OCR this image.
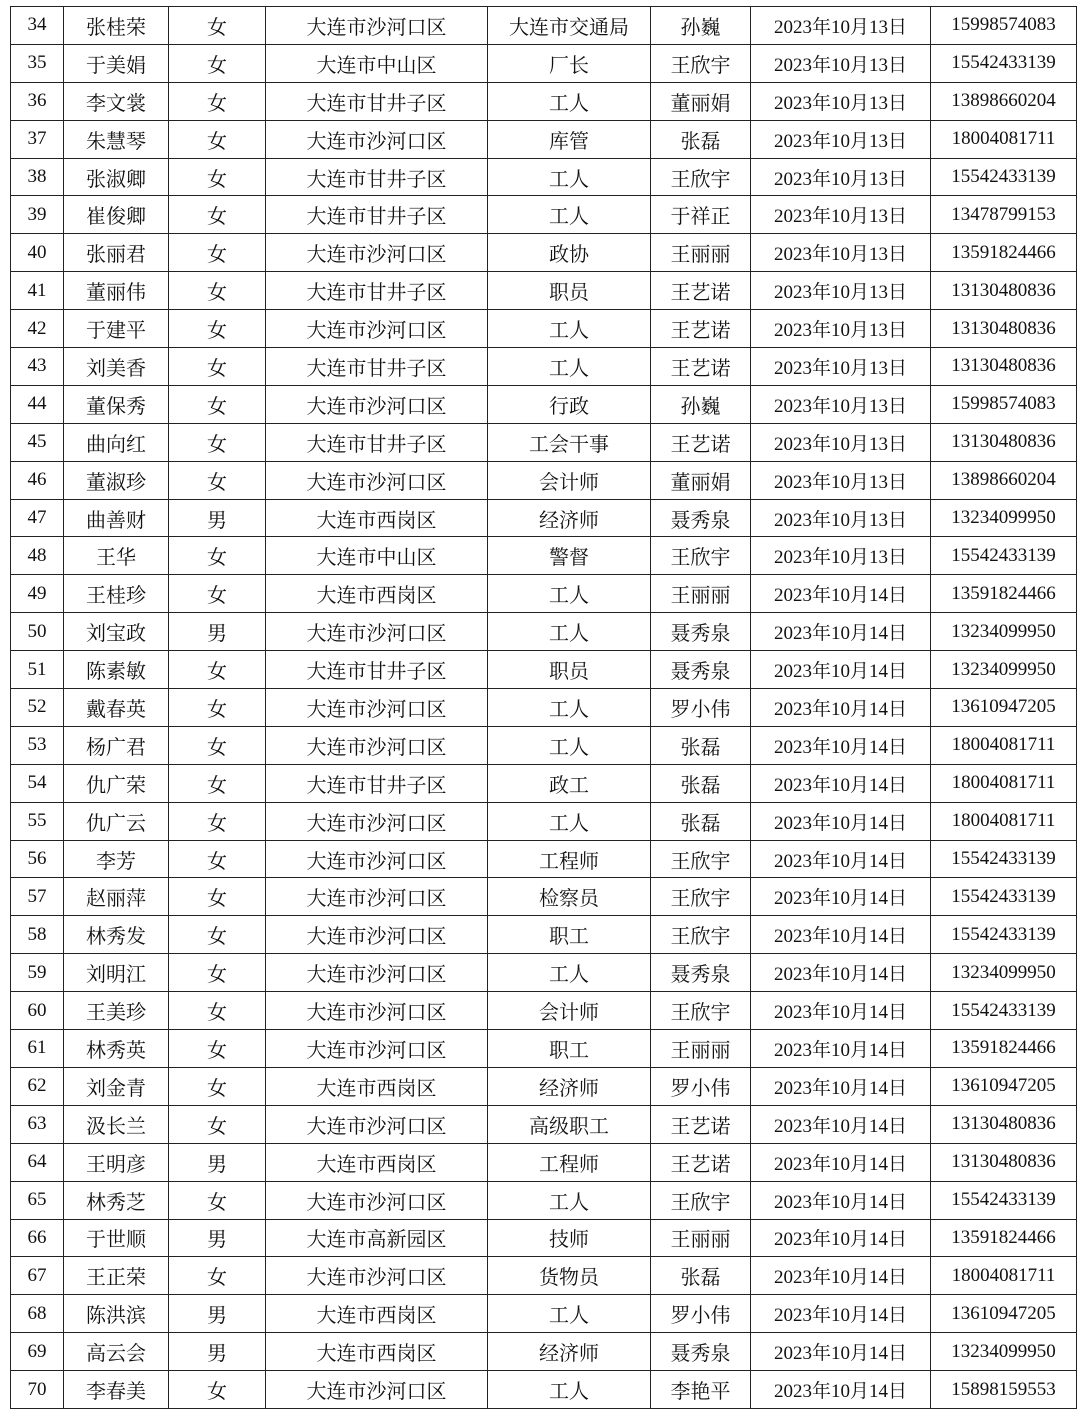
34	张桂荣	女	大连市沙河口区	大连市交通局	孙巍	2023年10月13日	15998574083
35	于美娟	女	大连市中山区	厂长	王欣宇	2023年10月13日	15542433139
36	李文裳	女	大连市甘井子区	工人	董丽娟	2023年10月13日	13898660204
37	朱慧琴	女	大连市沙河口区	库管	张磊	2023年10月13日	18004081711
38	张淑卿	女	大连市甘井子区	工人	王欣宇	2023年10月13日	15542433139
39	崔俊卿	女	大连市甘井子区	工人	于祥正	2023年10月13日	13478799153
40	张丽君	女	大连市沙河口区	政协	王丽丽	2023年10月13日	13591824466
41	董丽伟	女	大连市甘井子区	职员	王艺诺	2023年10月13日	13130480836
42	于建平	女	大连市沙河口区	工人	王艺诺	2023年10月13日	13130480836
43	刘美香	女	大连市甘井子区	工人	王艺诺	2023年10月13日	13130480836
44	董保秀	女	大连市沙河口区	行政	孙巍	2023年10月13日	15998574083
45	曲向红	女	大连市甘井子区	工会干事	王艺诺	2023年10月13日	13130480836
46	董淑珍	女	大连市沙河口区	会计师	董丽娟	2023年10月13日	13898660204
47	曲善财	男	大连市西岗区	经济师	聂秀泉	2023年10月13日	13234099950
48	王华	女	大连市中山区	警督	王欣宇	2023年10月13日	15542433139
49	王桂珍	女	大连市西岗区	工人	王丽丽	2023年10月14日	13591824466
50	刘宝政	男	大连市沙河口区	工人	聂秀泉	2023年10月14日	13234099950
51	陈素敏	女	大连市甘井子区	职员	聂秀泉	2023年10月14日	13234099950
52	戴春英	女	大连市沙河口区	工人	罗小伟	2023年10月14日	13610947205
53	杨广君	女	大连市沙河口区	工人	张磊	2023年10月14日	18004081711
54	仇广荣	女	大连市甘井子区	政工	张磊	2023年10月14日	18004081711
55	仇广云	女	大连市沙河口区	工人	张磊	2023年10月14日	18004081711
56	李芳	女	大连市沙河口区	工程师	王欣宇	2023年10月14日	15542433139
57	赵丽萍	女	大连市沙河口区	检察员	王欣宇	2023年10月14日	15542433139
58	林秀发	女	大连市沙河口区	职工	王欣宇	2023年10月14日	15542433139
59	刘明江	女	大连市沙河口区	工人	聂秀泉	2023年10月14日	13234099950
60	王美珍	女	大连市沙河口区	会计师	王欣宇	2023年10月14日	15542433139
61	林秀英	女	大连市沙河口区	职工	王丽丽	2023年10月14日	13591824466
62	刘金青	女	大连市西岗区	经济师	罗小伟	2023年10月14日	13610947205
63	汲长兰	女	大连市沙河口区	高级职工	王艺诺	2023年10月14日	13130480836
64	王明彦	男	大连市西岗区	工程师	王艺诺	2023年10月14日	13130480836
65	林秀芝	女	大连市沙河口区	工人	王欣宇	2023年10月14日	15542433139
66	于世顺	男	大连市高新园区	技师	王丽丽	2023年10月14日	13591824466
67	王正荣	女	大连市沙河口区	货物员	张磊	2023年10月14日	18004081711
68	陈洪滨	男	大连市西岗区	工人	罗小伟	2023年10月14日	13610947205
69	高云会	男	大连市西岗区	经济师	聂秀泉	2023年10月14日	13234099950
70	李春美	女	大连市沙河口区	工人	李艳平	2023年10月14日	15898159553
